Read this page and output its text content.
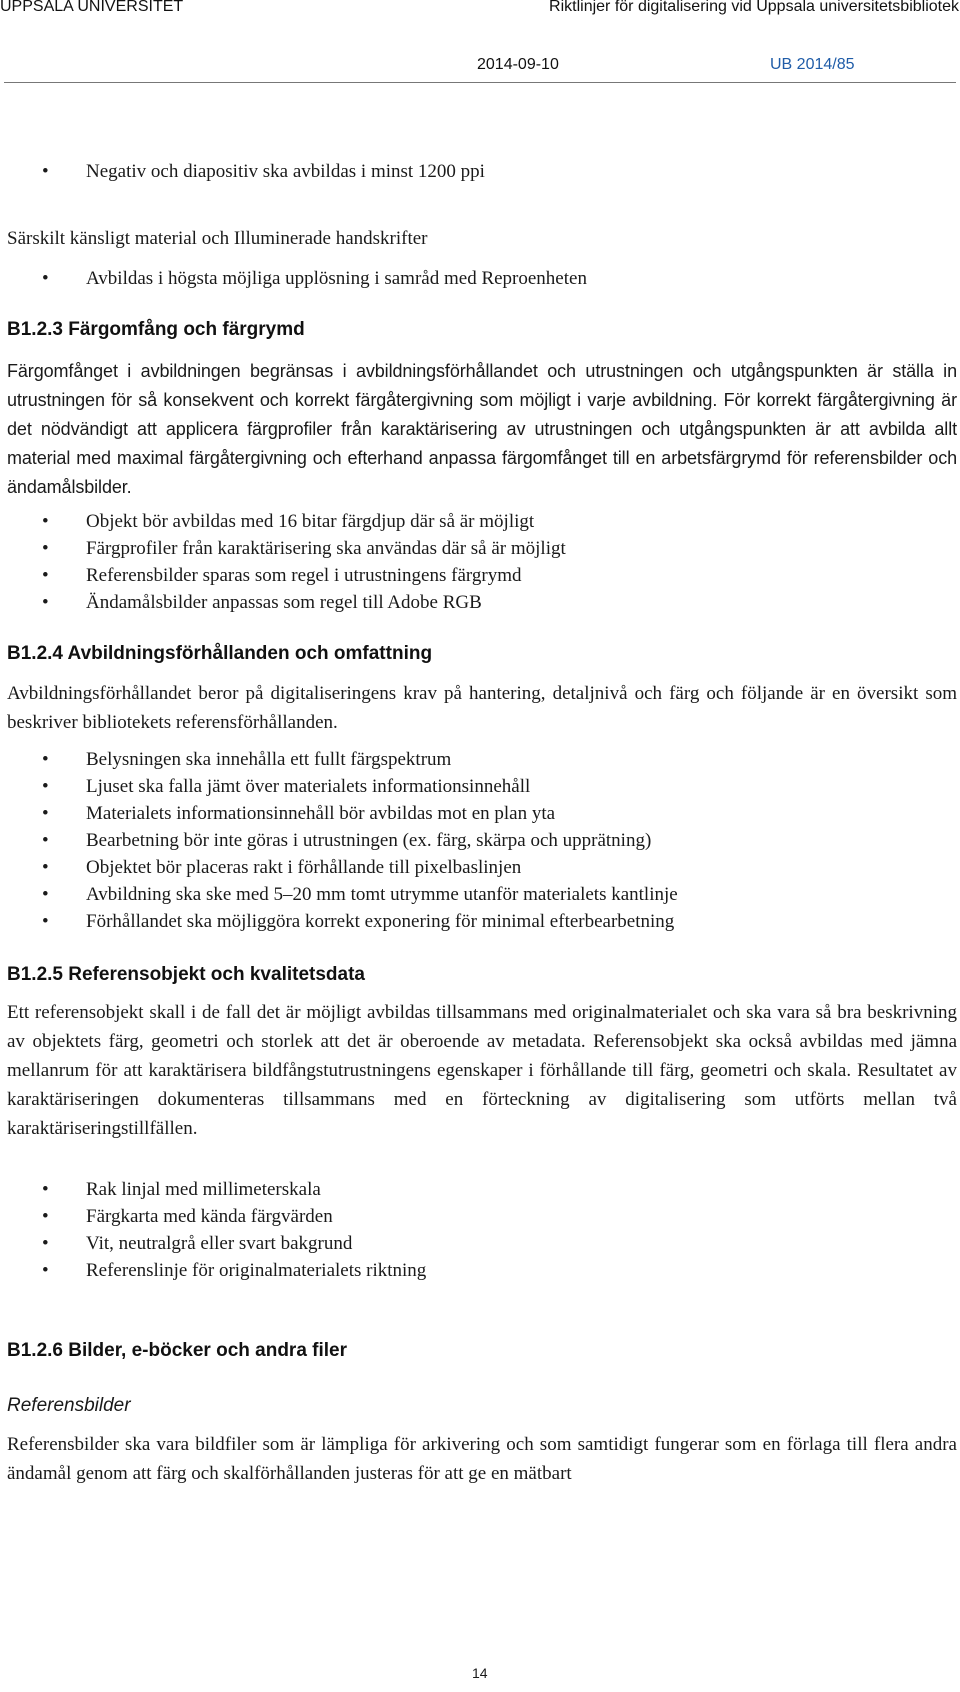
UPPSALA UNIVERSITET	Riktlinjer för digitalisering vid Uppsala universitetsbibliotek
2014-09-10	UB 2014/85
Negativ och diapositiv ska avbildas i minst 1200 ppi
Särskilt känsligt material och Illuminerade handskrifter
Avbildas i högsta möjliga upplösning i samråd med Reproenheten
B1.2.3 Färgomfång och färgrymd

Färgomfånget i avbildningen begränsas i avbildningsförhållandet och utrustningen och utgångspunkten är ställa in utrustningen för så konsekvent och korrekt färgåtergivning som möjligt i varje avbildning. För korrekt färgåtergivning är det nödvändigt att applicera färgprofiler från karaktärisering av utrustningen och utgångspunkten är att avbilda allt material med maximal färgåtergivning och efterhand anpassa färgomfånget till en arbetsfärgrymd för referensbilder och ändamålsbilder.

Objekt bör avbildas med 16 bitar färgdjup där så är möjligt
Färgprofiler från karaktärisering ska användas där så är möjligt
Referensbilder sparas som regel i utrustningens färgrymd
Ändamålsbilder anpassas som regel till Adobe RGB
B1.2.4 Avbildningsförhållanden och omfattning

Avbildningsförhållandet beror på digitaliseringens krav på hantering, detaljnivå och färg och följande är en översikt som beskriver bibliotekets referensförhållanden.

Belysningen ska innehålla ett fullt färgspektrum
Ljuset ska falla jämt över materialets informationsinnehåll
Materialets informationsinnehåll bör avbildas mot en plan yta
Bearbetning bör inte göras i utrustningen (ex. färg, skärpa och upprätning)
Objektet bör placeras rakt i förhållande till pixelbaslinjen
Avbildning ska ske med 5–20 mm tomt utrymme utanför materialets kantlinje
Förhållandet ska möjliggöra korrekt exponering för minimal efterbearbetning
B1.2.5 Referensobjekt och kvalitetsdata

Ett referensobjekt skall i de fall det är möjligt avbildas tillsammans med originalmaterialet och ska vara så bra beskrivning av objektets färg, geometri och storlek att det är oberoende av metadata. Referensobjekt ska också avbildas med jämna mellanrum för att karaktärisera bildfångstutrustningens egenskaper i förhållande till färg, geometri och skala. Resultatet av karaktäriseringen dokumenteras tillsammans med en förteckning av digitalisering som utförts mellan två karaktäriseringstillfällen.

Rak linjal med millimeterskala
Färgkarta med kända färgvärden
Vit, neutralgrå eller svart bakgrund
Referenslinje för originalmaterialets riktning
B1.2.6 Bilder, e-böcker och andra filer
Referensbilder

Referensbilder ska vara bildfiler som är lämpliga för arkivering och som samtidigt fungerar som en förlaga till flera andra ändamål genom att färg och skalförhållanden justeras för att ge en mätbart

14
